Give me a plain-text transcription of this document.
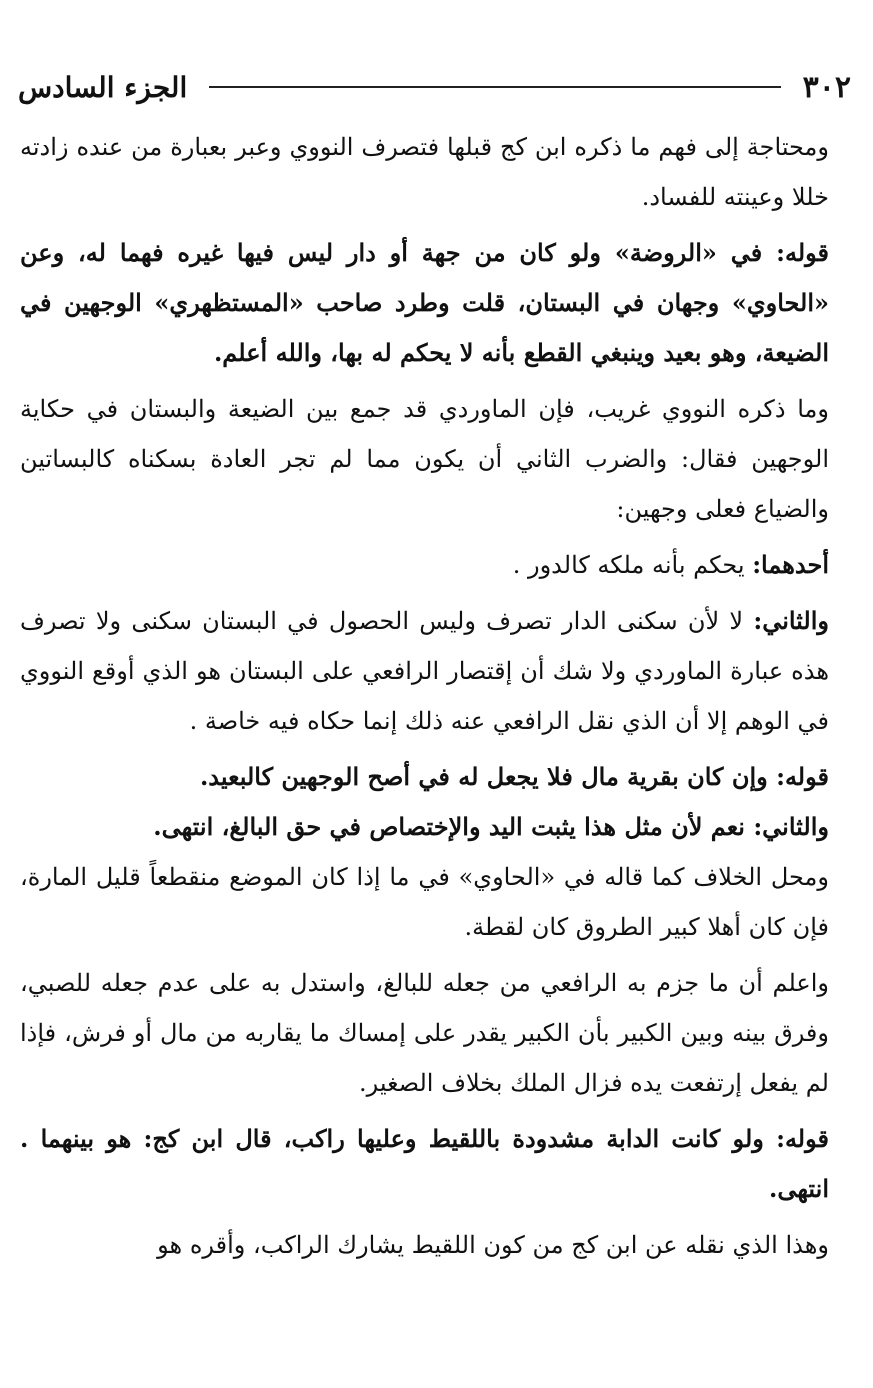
٣٠٢
الجزء السادس

ومحتاجة إلى فهم ما ذكره ابن كج قبلها فتصرف النووي وعبر بعبارة من عنده زادته خللا وعينته للفساد.

قوله: في «الروضة» ولو كان من جهة أو دار ليس فيها غيره فهما له، وعن «الحاوي» وجهان في البستان، قلت وطرد صاحب «المستظهري» الوجهين في الضيعة، وهو بعيد وينبغي القطع بأنه لا يحكم له بها، والله أعلم.

وما ذكره النووي غريب، فإن الماوردي قد جمع بين الضيعة والبستان في حكاية الوجهين فقال: والضرب الثاني أن يكون مما لم تجر العادة بسكناه كالبساتين والضياع فعلى وجهين:

أحدهما: يحكم بأنه ملكه كالدور .

والثاني: لا لأن سكنى الدار تصرف وليس الحصول في البستان سكنى ولا تصرف هذه عبارة الماوردي ولا شك أن إقتصار الرافعي على البستان هو الذي أوقع النووي في الوهم إلا أن الذي نقل الرافعي عنه ذلك إنما حكاه فيه خاصة .

قوله: وإن كان بقرية مال فلا يجعل له في أصح الوجهين كالبعيد.

والثاني: نعم لأن مثل هذا يثبت اليد والإختصاص في حق البالغ، انتهى.

ومحل الخلاف كما قاله في «الحاوي» في ما إذا كان الموضع منقطعاً قليل المارة، فإن كان أهلا كبير الطروق كان لقطة.

واعلم أن ما جزم به الرافعي من جعله للبالغ، واستدل به على عدم جعله للصبي، وفرق بينه وبين الكبير بأن الكبير يقدر على إمساك ما يقاربه من مال أو فرش، فإذا لم يفعل إرتفعت يده فزال الملك بخلاف الصغير.

قوله: ولو كانت الدابة مشدودة باللقيط وعليها راكب، قال ابن كج: هو بينهما . انتهى.

وهذا الذي نقله عن ابن كج من كون اللقيط يشارك الراكب، وأقره هو
